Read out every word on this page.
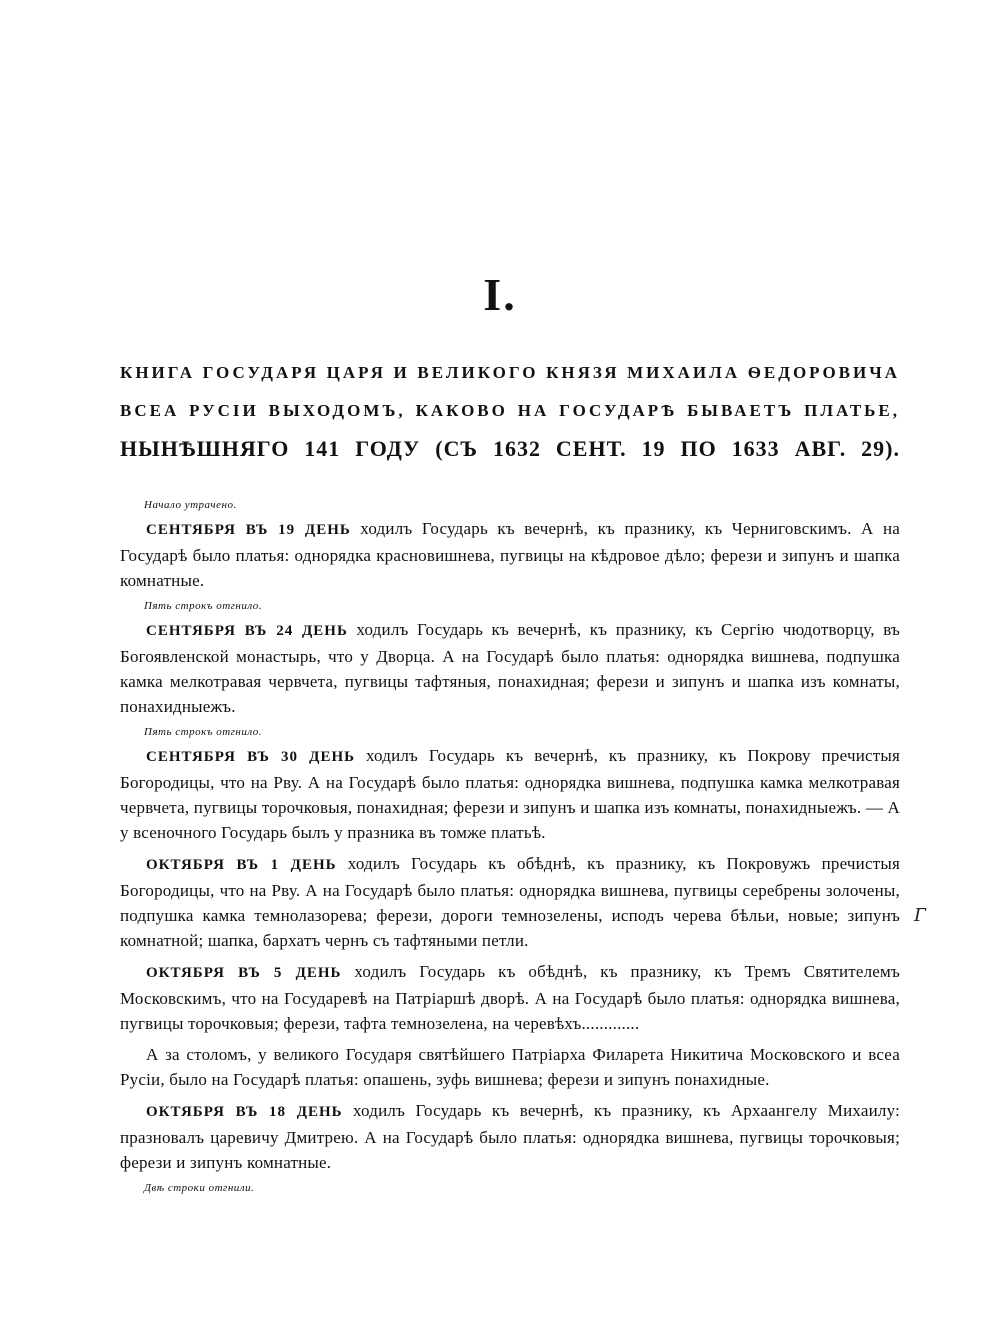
I.
КНИГА ГОСУДАРЯ ЦАРЯ И ВЕЛИКОГО КНЯЗЯ МИХАИЛА ѲЕДОРОВИЧА
ВСЕА РУСІИ ВЫХОДОМЪ, КАКОВО НА ГОСУДАРѢ БЫВАЕТЪ ПЛАТЬЕ,
НЫНѢШНЯГО 141 ГОДУ (СЪ 1632 СЕНТ. 19 ПО 1633 АВГ. 29).
Начало утрачено.

СЕНТЯБРЯ ВЪ 19 ДЕНЬ ходилъ Государь къ вечернѣ, къ празнику, къ Черниговскимъ. А на Государѣ было платья: однорядка красновишнева, пугвицы на кѣдровое дѣло; ферези и зипунъ и шапка комнатные.

Пять строкъ отгнило.

СЕНТЯБРЯ ВЪ 24 ДЕНЬ ходилъ Государь къ вечернѣ, къ празнику, къ Сергію чюдотворцу, въ Богоявленской монастырь, что у Дворца. А на Государѣ было платья: однорядка вишнева, подпушка камка мелкотравая червчета, пугвицы тафтяныя, понахидная; ферези и зипунъ и шапка изъ комнаты, понахидныежъ.

Пять строкъ отгнило.

СЕНТЯБРЯ ВЪ 30 ДЕНЬ ходилъ Государь къ вечернѣ, къ празнику, къ Покрову пречистыя Богородицы, что на Рву. А на Государѣ было платья: однорядка вишнева, подпушка камка мелкотравая червчета, пугвицы торочковыя, понахидная; ферези и зипунъ и шапка изъ комнаты, понахидныежъ. — А у всеночного Государь былъ у празника въ томже платьѣ.

ОКТЯБРЯ ВЪ 1 ДЕНЬ ходилъ Государь къ обѣднѣ, къ празнику, къ Покровужъ пречистыя Богородицы, что на Рву. А на Государѣ было платья: однорядка вишнева, пугвицы серебрены золочены, подпушка камка темнолазорева; ферези, дороги темнозелены, исподъ черева бѣльи, новые; зипунъ комнатной; шапка, бархатъ чернъ съ тафтяными петли.

ОКТЯБРЯ ВЪ 5 ДЕНЬ ходилъ Государь къ обѣднѣ, къ празнику, къ Тремъ Святителемъ Московскимъ, что на Государевѣ на Патріаршѣ дворѣ. А на Государѣ было платья: однорядка вишнева, пугвицы торочковыя; ферези, тафта темнозелена, на черевѣхъ.............

А за столомъ, у великого Государя святѣйшего Патріарха Филарета Никитича Московского и всеа Русіи, было на Государѣ платья: опашень, зуфь вишнева; ферези и зипунъ понахидные.

ОКТЯБРЯ ВЪ 18 ДЕНЬ ходилъ Государь къ вечернѣ, къ празнику, къ Архаангелу Михаилу: празновалъ царевичу Дмитрею. А на Государѣ было платья: однорядка вишнева, пугвицы торочковыя; ферези и зипунъ комнатные.

Двѣ строки отгнили.
Г
